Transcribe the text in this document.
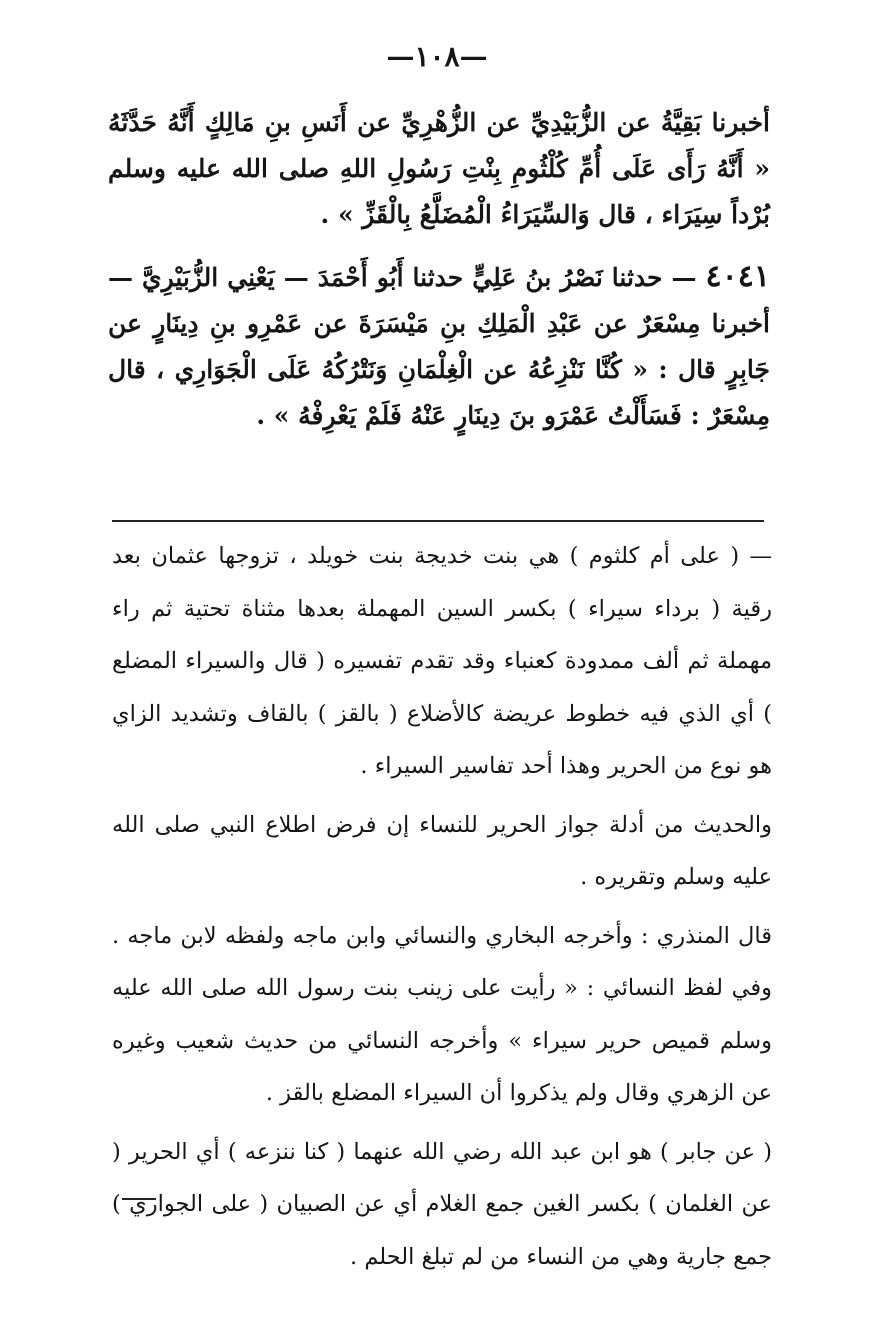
—١٠٨—

أخبرنا بَقِيَّةُ عن الزُّبَيْدِيِّ عن الزُّهْرِيِّ عن أَنَسِ بنِ مَالِكٍ أَنَّهُ حَدَّثَهُ « أَنَّهُ رَأَى عَلَى أُمِّ كُلْثُومِ بِنْتِ رَسُولِ اللهِ صلى الله عليه وسلم بُرْداً سِيَرَاء ، قال وَالسِّيَرَاءُ الْمُضَلَّعُ بِالْقَزِّ » .

٤٠٤١ — حدثنا نَصْرُ بنُ عَلِيٍّ حدثنا أَبُو أَحْمَدَ — يَعْنِي الزُّبَيْرِيَّ — أخبرنا مِسْعَرٌ عن عَبْدِ الْمَلِكِ بنِ مَيْسَرَةَ عن عَمْرِو بنِ دِينَارٍ عن جَابِرٍ قال : « كُنَّا نَنْزِعُهُ عن الْغِلْمَانِ وَنَتْرُكُهُ عَلَى الْجَوَارِي ، قال مِسْعَرٌ : فَسَأَلْتُ عَمْرَو بنَ دِينَارٍ عَنْهُ فَلَمْ يَعْرِفْهُ » .

— ( على أم كلثوم ) هي بنت خديجة بنت خويلد ، تزوجها عثمان بعد رقية ( برداء سيراء ) بكسر السين المهملة بعدها مثناة تحتية ثم راء مهملة ثم ألف ممدودة كعنباء وقد تقدم تفسيره ( قال والسيراء المضلع ) أي الذي فيه خطوط عريضة كالأضلاع ( بالقز ) بالقاف وتشديد الزاي هو نوع من الحرير وهذا أحد تفاسير السيراء .

والحديث من أدلة جواز الحرير للنساء إن فرض اطلاع النبي صلى الله عليه وسلم وتقريره .

قال المنذري : وأخرجه البخاري والنسائي وابن ماجه ولفظه لابن ماجه . وفي لفظ النسائي : « رأيت على زينب بنت رسول الله صلى الله عليه وسلم قميص حرير سيراء » وأخرجه النسائي من حديث شعيب وغيره عن الزهري وقال ولم يذكروا أن السيراء المضلع بالقز .

( عن جابر ) هو ابن عبد الله رضي الله عنهما ( كنا ننزعه ) أي الحرير ( عن الغلمان ) بكسر الغين جمع الغلام أي عن الصبيان ( على الجواري ) جمع جارية وهي من النساء من لم تبلغ الحلم .
